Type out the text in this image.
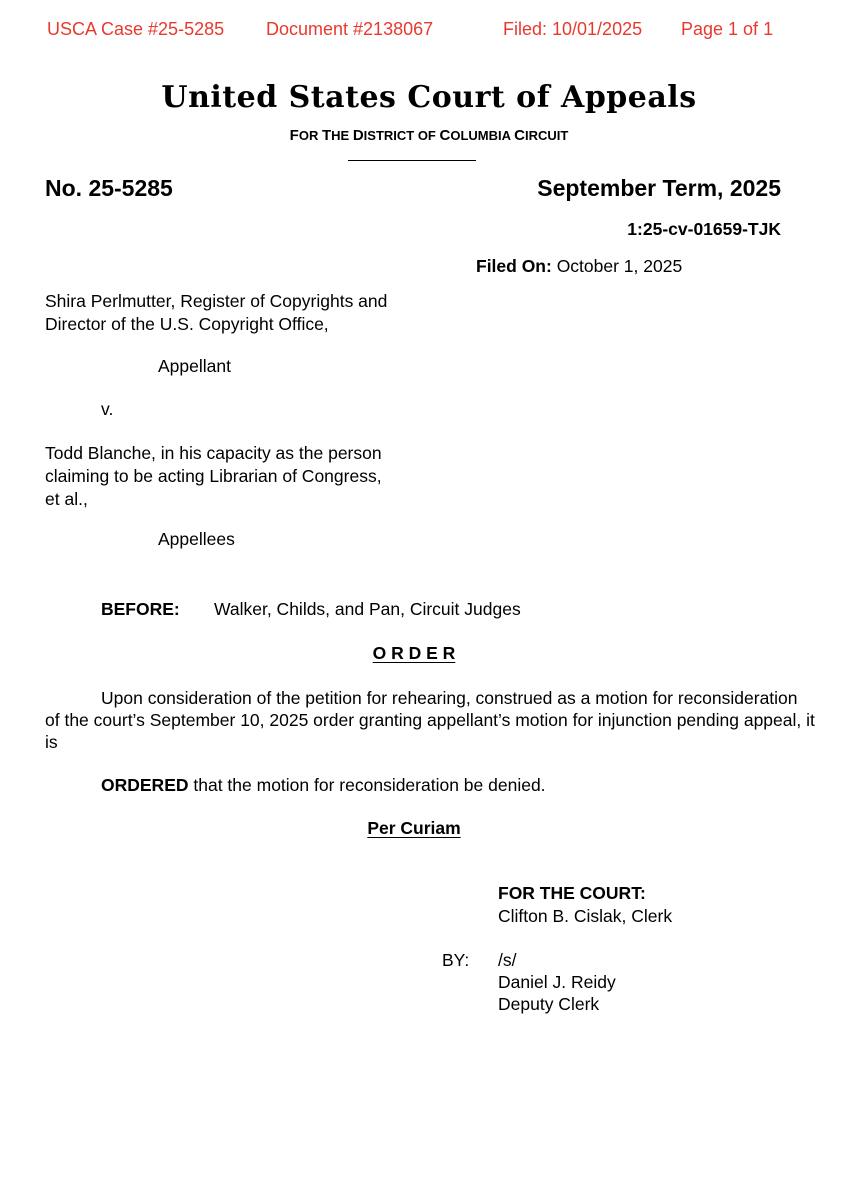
USCA Case #25-5285 Document #2138067	Filed: 10/01/2025 Page 1 of 1
United States Court of Appeals
FOR THE DISTRICT OF COLUMBIA CIRCUIT
No. 25-5285	September Term, 2025
1:25-cv-01659-TJK
Filed On: October 1, 2025
Shira Perlmutter, Register of Copyrights and
Director of the U.S. Copyright Office,
Appellant
v.
Todd Blanche, in his capacity as the person
claiming to be acting Librarian of Congress,
et al.,
Appellees
BEFORE: Walker, Childs, and Pan, Circuit Judges
O R D E R
Upon consideration of the petition for rehearing, construed as a motion for reconsideration of the court’s September 10, 2025 order granting appellant’s motion for injunction pending appeal, it is
ORDERED that the motion for reconsideration be denied.
Per Curiam
FOR THE COURT:
Clifton B. Cislak, Clerk
BY: /s/
Daniel J. Reidy
Deputy Clerk
